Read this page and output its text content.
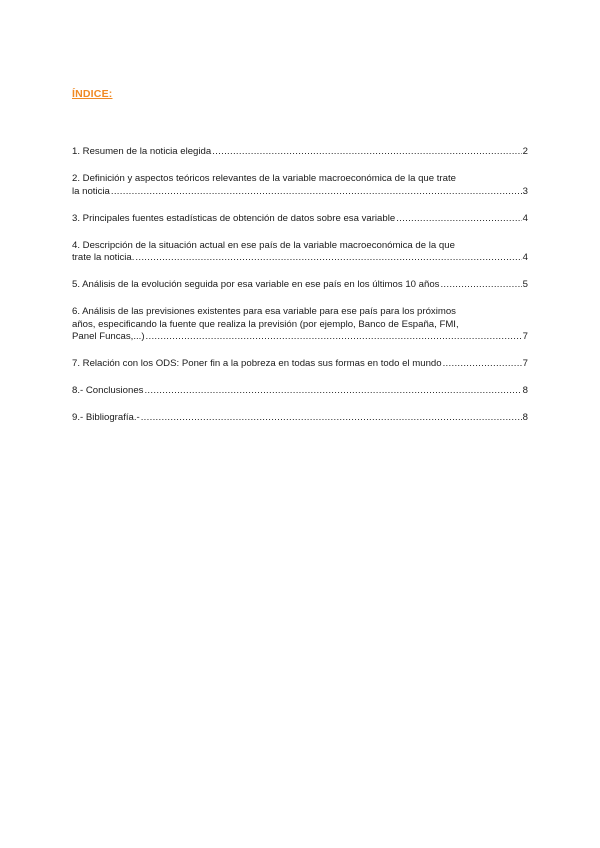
ÍNDICE:
1. Resumen de la noticia elegida .....	2
2. Definición y aspectos teóricos relevantes de la variable macroeconómica de la que trate
la noticia .....	3
3. Principales fuentes estadísticas de obtención de datos sobre esa variable .....	4
4. Descripción de la situación actual en ese país de la variable macroeconómica de la que
trate la noticia. .....	4
5. Análisis de la evolución seguida por esa variable en ese país en los últimos 10 años .....	5
6. Análisis de las previsiones existentes para esa variable para ese país para los próximos
años, especificando la fuente que realiza la previsión (por ejemplo, Banco de España, FMI,
Panel Funcas,...) .....	7
7. Relación con los ODS: Poner fin a la pobreza en todas sus formas en todo el mundo .....	7
8.- Conclusiones .....	8
9.- Bibliografía.- .....	8
